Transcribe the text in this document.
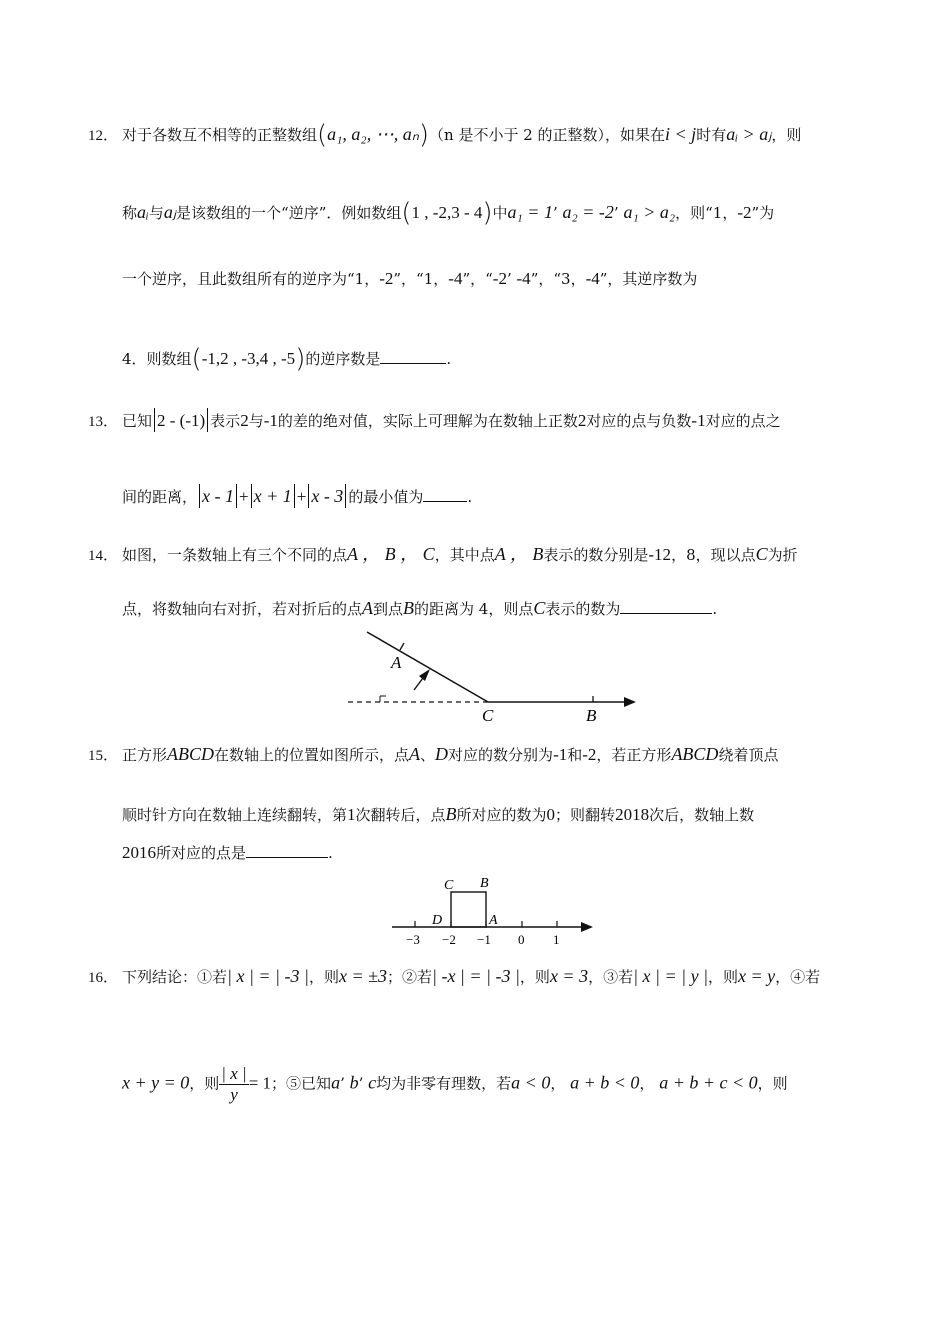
12． 对于各数互不相等的正整数组(a₁, a₂, ⋯, aₙ)（n 是不小于 2 的正整数），如果在i < j时有aᵢ > aⱼ，则
称aᵢ与aⱼ是该数组的一个“逆序”．例如数组(1 , -2,3 - 4)中a₁ = 1’ a₂ = -2’ a₁ > a₂，则“1，-2”为
一个逆序，且此数组所有的逆序为“1，-2”，“1，-4”，“-2’ -4”，“3，-4”，其逆序数为
4．则数组(-1,2 , -3,4 , -5)的逆序数是	.
13． 已知 2 - (-1) 表示2与-1的差的绝对值，实际上可理解为在数轴上正数2对应的点与负数-1对应的点之
间的距离， x - 1 + x + 1 + x - 3 的最小值为	.
14． 如图，一条数轴上有三个不同的点A ， B ， C，其中点A ， B表示的数分别是-12，8，现以点C为折
点，将数轴向右对折，若对折后的点A到点B的距离为 4，则点C表示的数为	.
A
C	B
15． 正方形ABCD在数轴上的位置如图所示，点A、D对应的数分别为-1和-2，若正方形ABCD绕着顶点
顺时针方向在数轴上连续翻转，第1次翻转后，点B所对应的数为0；则翻转2018次后，数轴上数
2016所对应的点是	.
C B
D	A
−3 −2 −1 0 1
16． 下列结论：①若| x | = | -3 |，则x = ±3；②若| -x | = | -3 |，则x = 3，③若| x | = | y |，则x = y，④若
x + y = 0，则 $\frac{| x |}{y} = 1$；⑤已知a’ b’ c均为非零有理数，若a < 0， a + b < 0， a + b + c < 0，则
